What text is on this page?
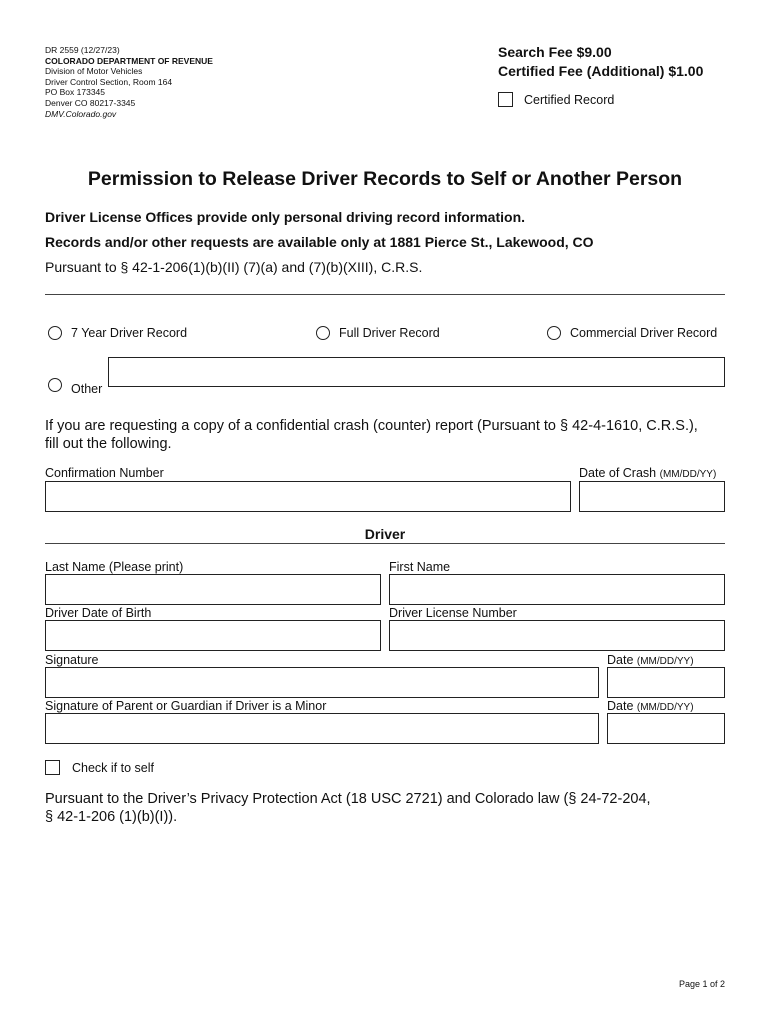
DR 2559 (12/27/23)
COLORADO DEPARTMENT OF REVENUE
Division of Motor Vehicles
Driver Control Section, Room 164
PO Box 173345
Denver CO 80217-3345
DMV.Colorado.gov
Search Fee $9.00
Certified Fee (Additional) $1.00
Certified Record
Permission to Release Driver Records to Self or Another Person
Driver License Offices provide only personal driving record information.
Records and/or other requests are available only at 1881 Pierce St., Lakewood, CO
Pursuant to § 42-1-206(1)(b)(II) (7)(a) and (7)(b)(XIII), C.R.S.
7 Year Driver Record	Full Driver Record	Commercial Driver Record
Other
If you are requesting a copy of a confidential crash (counter) report (Pursuant to § 42-4-1610, C.R.S.),
fill out the following.
Confirmation Number	Date of Crash (MM/DD/YY)
Driver
Last Name (Please print)	First Name
Driver Date of Birth	Driver License Number
Signature	Date (MM/DD/YY)
Signature of Parent or Guardian if Driver is a Minor	Date (MM/DD/YY)
Check if to self
Pursuant to the Driver’s Privacy Protection Act (18 USC 2721) and Colorado law (§ 24-72-204,
§ 42-1-206 (1)(b)(I)).
Page 1 of 2
